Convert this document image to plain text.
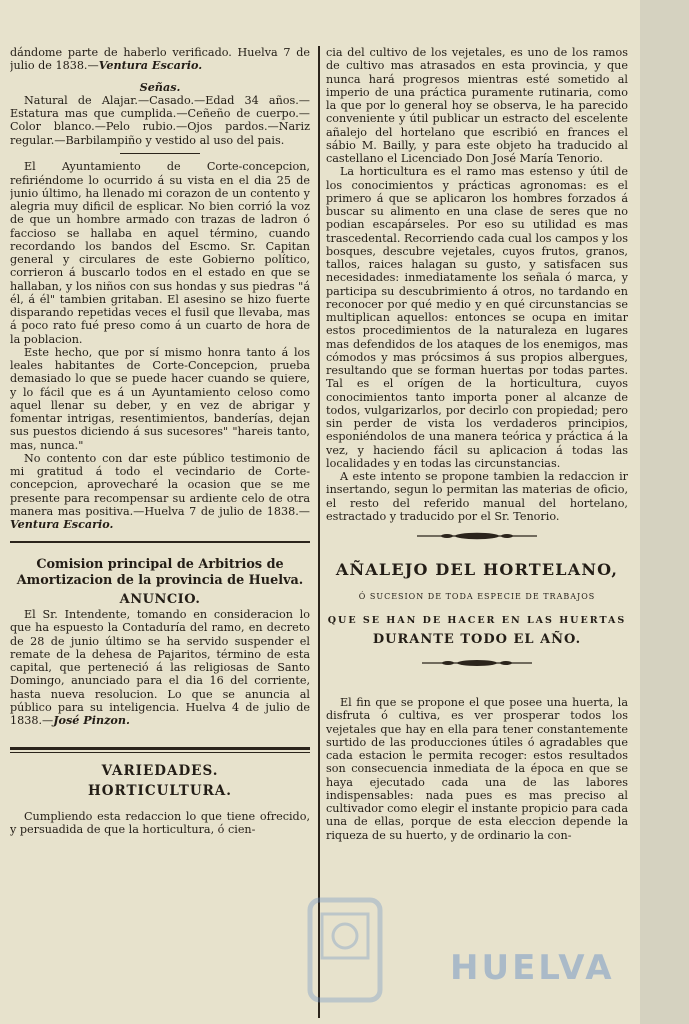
dándome parte de haberlo verificado. Huelva 7 de julio de 1838.—Ventura Escario.

Señas.

Natural de Alajar.—Casado.—Edad 34 años.—Estatura mas que cumplida.—Ceñeño de cuerpo.—Color blanco.—Pelo rubio.—Ojos pardos.—Nariz regular.—Barbilampiño y vestido al uso del pais.

El Ayuntamiento de Corte-concepcion, refiriéndome lo ocurrido á su vista en el dia 25 de junio último, ha llenado mi corazon de un contento y alegria muy dificil de esplicar. No bien corrió la voz de que un hombre armado con trazas de ladron ó faccioso se hallaba en aquel término, cuando recordando los bandos del Escmo. Sr. Capitan general y circulares de este Gobierno político, corrieron á buscarlo todos en el estado en que se hallaban, y los niños con sus hondas y sus piedras "á él, á él" tambien gritaban. El asesino se hizo fuerte disparando repetidas veces el fusil que llevaba, mas á poco rato fué preso como á un cuarto de hora de la poblacion.

Este hecho, que por sí mismo honra tanto á los leales habitantes de Corte-Concepcion, prueba demasiado lo que se puede hacer cuando se quiere, y lo fácil que es á un Ayuntamiento celoso como aquel llenar su deber, y en vez de abrigar y fomentar intrigas, resentimientos, banderías, dejan sus puestos diciendo á sus sucesores" "hareis tanto, mas, nunca."

No contento con dar este público testimonio de mi gratitud á todo el vecindario de Corte-concepcion, aprovecharé la ocasion que se me presente para recompensar su ardiente celo de otra manera mas positiva.—Huelva 7 de julio de 1838.—Ventura Escario.

Comision principal de Arbitrios de Amortizacion de la provincia de Huelva.

ANUNCIO.

El Sr. Intendente, tomando en consideracion lo que ha espuesto la Contaduría del ramo, en decreto de 28 de junio último se ha servido suspender el remate de la dehesa de Pajaritos, término de esta capital, que perteneció á las religiosas de Santo Domingo, anunciado para el dia 16 del corriente, hasta nueva resolucion. Lo que se anuncia al público para su inteligencia. Huelva 4 de julio de 1838.—José Pinzon.

VARIEDADES.

HORTICULTURA.

Cumpliendo esta redaccion lo que tiene ofrecido, y persuadida de que la horticultura, ó cien-

cia del cultivo de los vejetales, es uno de los ramos de cultivo mas atrasados en esta provincia, y que nunca hará progresos mientras esté sometido al imperio de una práctica puramente rutinaria, como la que por lo general hoy se observa, le ha parecido conveniente y útil publicar un estracto del escelente añalejo del hortelano que escribió en frances el sábio M. Bailly, y para este objeto ha traducido al castellano el Licenciado Don José María Tenorio.

La horticultura es el ramo mas estenso y útil de los conocimientos y prácticas agronomas: es el primero á que se aplicaron los hombres forzados á buscar su alimento en una clase de seres que no podian escapárseles. Por eso su utilidad es mas trascedental. Recorriendo cada cual los campos y los bosques, descubre vejetales, cuyos frutos, granos, tallos, raices halagan su gusto, y satisfacen sus necesidades: inmediatamente los señala ó marca, y participa su descubrimiento á otros, no tardando en reconocer por qué medio y en qué circunstancias se multiplican aquellos: entonces se ocupa en imitar estos procedimientos de la naturaleza en lugares mas defendidos de los ataques de los enemigos, mas cómodos y mas prócsimos á sus propios albergues, resultando que se forman huertas por todas partes. Tal es el orígen de la horticultura, cuyos conocimientos tanto importa poner al alcanze de todos, vulgarizarlos, por decirlo con propiedad; pero sin perder de vista los verdaderos principios, esponiéndolos de una manera teórica y práctica á la vez, y haciendo fácil su aplicacion á todas las localidades y en todas las circunstancias.

A este intento se propone tambien la redaccion ir insertando, segun lo permitan las materias de oficio, el resto del referido manual del hortelano, estractado y traducido por el Sr. Tenorio.

AÑALEJO DEL HORTELANO,

Ó SUCESION DE TODA ESPECIE DE TRABAJOS

QUE SE HAN DE HACER EN LAS HUERTAS

DURANTE TODO EL AÑO.

El fin que se propone el que posee una huerta, la disfruta ó cultiva, es ver prosperar todos los vejetales que hay en ella para tener constantemente surtido de las producciones útiles ó agradables que cada estacion le permita recoger: estos resultados son consecuencia inmediata de la época en que se haya ejecutado cada una de las labores indispensables: nada pues es mas preciso al cultivador como elegir el instante propicio para cada una de ellas, porque de esta eleccion depende la riqueza de su huerto, y de ordinario la con-

HUELVA
